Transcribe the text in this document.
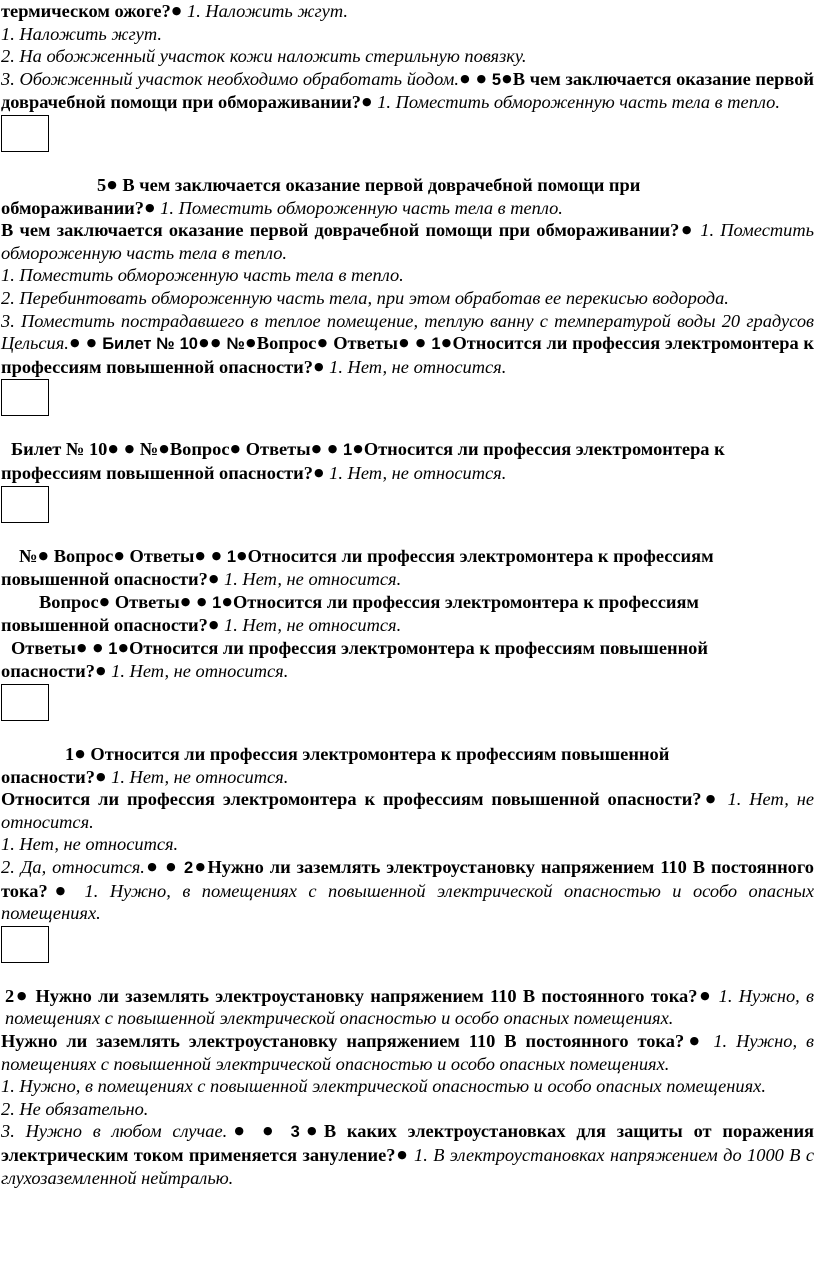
термическом ожоге?● 1. Наложить жгут.

1. Наложить жгут.

2. На обожженный участок кожи наложить стерильную повязку.

3. Обожженный участок необходимо обработать йодом.● ● 5●В чем заключается оказание первой доврачебной помощи при обмораживании?● 1. Поместить обмороженную часть тела в тепло.

5● В чем заключается оказание первой доврачебной помощи при

обмораживании?● 1. Поместить обмороженную часть тела в тепло.

В чем заключается оказание первой доврачебной помощи при обмораживании?● 1. Поместить обмороженную часть тела в тепло.

1. Поместить обмороженную часть тела в тепло.

2. Перебинтовать обмороженную часть тела, при этом обработав ее перекисью водорода.

3. Поместить пострадавшего в теплое помещение, теплую ванну с температурой воды 20 градусов Цельсия.● ● Билет № 10● ● №●Вопрос● Ответы● ● 1●Относится ли профессия электромонтера к профессиям повышенной опасности?● 1. Нет, не относится.

Билет № 10● ● №●Вопрос● Ответы● ● 1●Относится ли профессия электромонтера к

профессиям повышенной опасности?● 1. Нет, не относится.

№● Вопрос● Ответы● ● 1●Относится ли профессия электромонтера к профессиям

повышенной опасности?● 1. Нет, не относится.

Вопрос● Ответы● ● 1●Относится ли профессия электромонтера к профессиям

повышенной опасности?● 1. Нет, не относится.

Ответы● ● 1●Относится ли профессия электромонтера к профессиям повышенной

опасности?● 1. Нет, не относится.

1● Относится ли профессия электромонтера к профессиям повышенной

опасности?● 1. Нет, не относится.

Относится ли профессия электромонтера к профессиям повышенной опасности?● 1. Нет, не относится.

1. Нет, не относится.

2. Да, относится.● ● 2●Нужно ли заземлять электроустановку напряжением 110 В постоянного тока?● 1. Нужно, в помещениях с повышенной электрической опасностью и особо опасных помещениях.

2● Нужно ли заземлять электроустановку напряжением 110 В постоянного тока?● 1. Нужно, в помещениях с повышенной электрической опасностью и особо опасных помещениях.

Нужно ли заземлять электроустановку напряжением 110 В постоянного тока?● 1. Нужно, в помещениях с повышенной электрической опасностью и особо опасных помещениях.

1. Нужно, в помещениях с повышенной электрической опасностью и особо опасных помещениях.

2. Не обязательно.

3. Нужно в любом случае.● ● 3●В каких электроустановках для защиты от поражения электрическим током применяется зануление?● 1. В электроустановках напряжением до 1000 В с глухозаземленной нейтралью.
